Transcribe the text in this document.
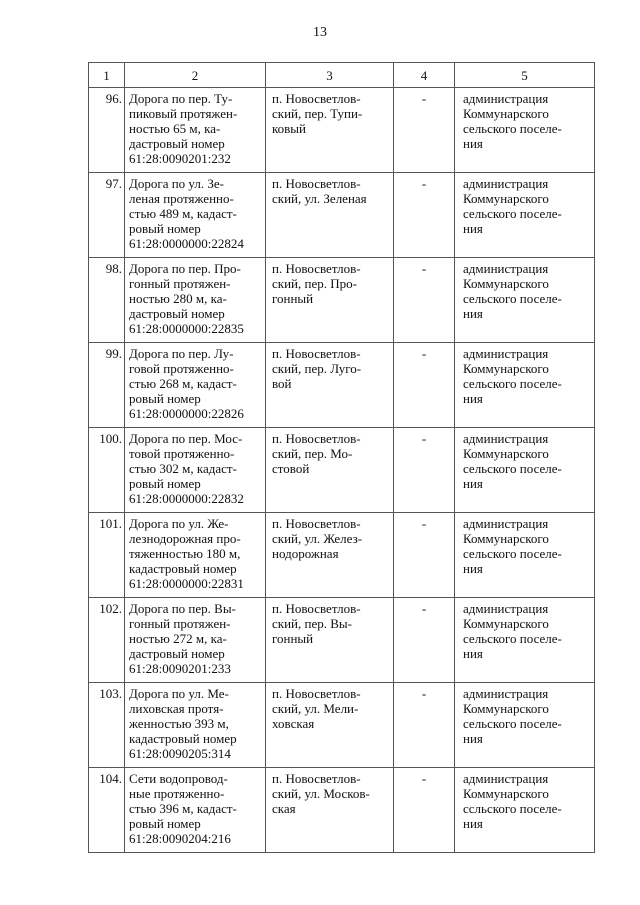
13
1	2	3	4	5
96.	Дорога по пер. Ту-
пиковый протяжен-
ностью 65 м, ка-
дастровый номер
61:28:0090201:232	п. Новосветлов-
ский, пер. Тупи-
ковый	-	администрация
Коммунарского
сельского поселе-
ния

97.	Дорога по ул. Зе-
леная протяженно-
стью 489 м, кадаст-
ровый номер
61:28:0000000:22824	п. Новосветлов-
ский, ул. Зеленая	-	администрация
Коммунарского
сельского поселе-
ния

98.	Дорога по пер. Про-
гонный протяжен-
ностью 280 м, ка-
дастровый номер
61:28:0000000:22835	п. Новосветлов-
ский, пер. Про-
гонный	-	администрация
Коммунарского
сельского поселе-
ния

99.	Дорога по пер. Лу-
говой протяженно-
стью 268 м, кадаст-
ровый номер
61:28:0000000:22826	п. Новосветлов-
ский, пер. Луго-
вой	-	администрация
Коммунарского
сельского поселе-
ния

100.	Дорога по пер. Мос-
товой протяженно-
стью 302 м, кадаст-
ровый номер
61:28:0000000:22832	п. Новосветлов-
ский, пер. Мо-
стовой	-	администрация
Коммунарского
сельского поселе-
ния

101.	Дорога по ул. Же-
лезнодорожная про-
тяженностью 180 м,
кадастровый номер
61:28:0000000:22831	п. Новосветлов-
ский, ул. Желез-
нодорожная	-	администрация
Коммунарского
сельского поселе-
ния

102.	Дорога по пер. Вы-
гонный протяжен-
ностью 272 м, ка-
дастровый номер
61:28:0090201:233	п. Новосветлов-
ский, пер. Вы-
гонный	-	администрация
Коммунарского
сельского поселе-
ния

103.	Дорога по ул. Ме-
лиховская протя-
женностью 393 м,
кадастровый номер
61:28:0090205:314	п. Новосветлов-
ский, ул. Мели-
ховская	-	администрация
Коммунарского
сельского поселе-
ния

104.	Сети водопровод-
ные протяженно-
стью 396 м, кадаст-
ровый номер
61:28:0090204:216	п. Новосветлов-
ский, ул. Москов-
ская	-	администрация
Коммунарского
ссльского поселе-
ния
